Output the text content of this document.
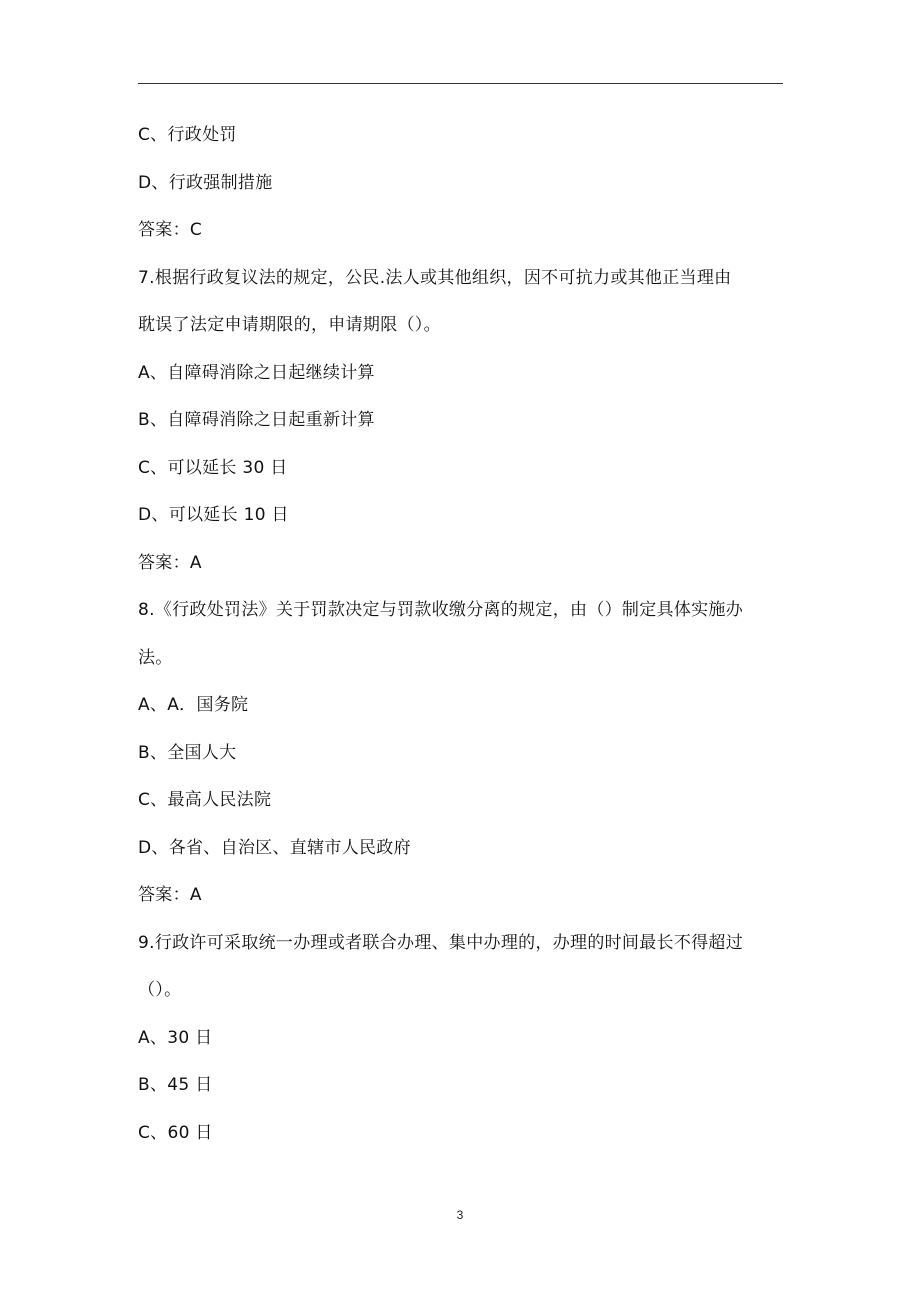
C、行政处罚
D、行政强制措施
答案：C
7.根据行政复议法的规定，公民.法人或其他组织，因不可抗力或其他正当理由
耽误了法定申请期限的，申请期限（）。
A、自障碍消除之日起继续计算
B、自障碍消除之日起重新计算
C、可以延长 30 日
D、可以延长 10 日
答案：A
8.《行政处罚法》关于罚款决定与罚款收缴分离的规定，由（）制定具体实施办
法。
A、A．国务院
B、全国人大
C、最高人民法院
D、各省、自治区、直辖市人民政府
答案：A
9.行政许可采取统一办理或者联合办理、集中办理的，办理的时间最长不得超过
（）。
A、30 日
B、45 日
C、60 日
3
